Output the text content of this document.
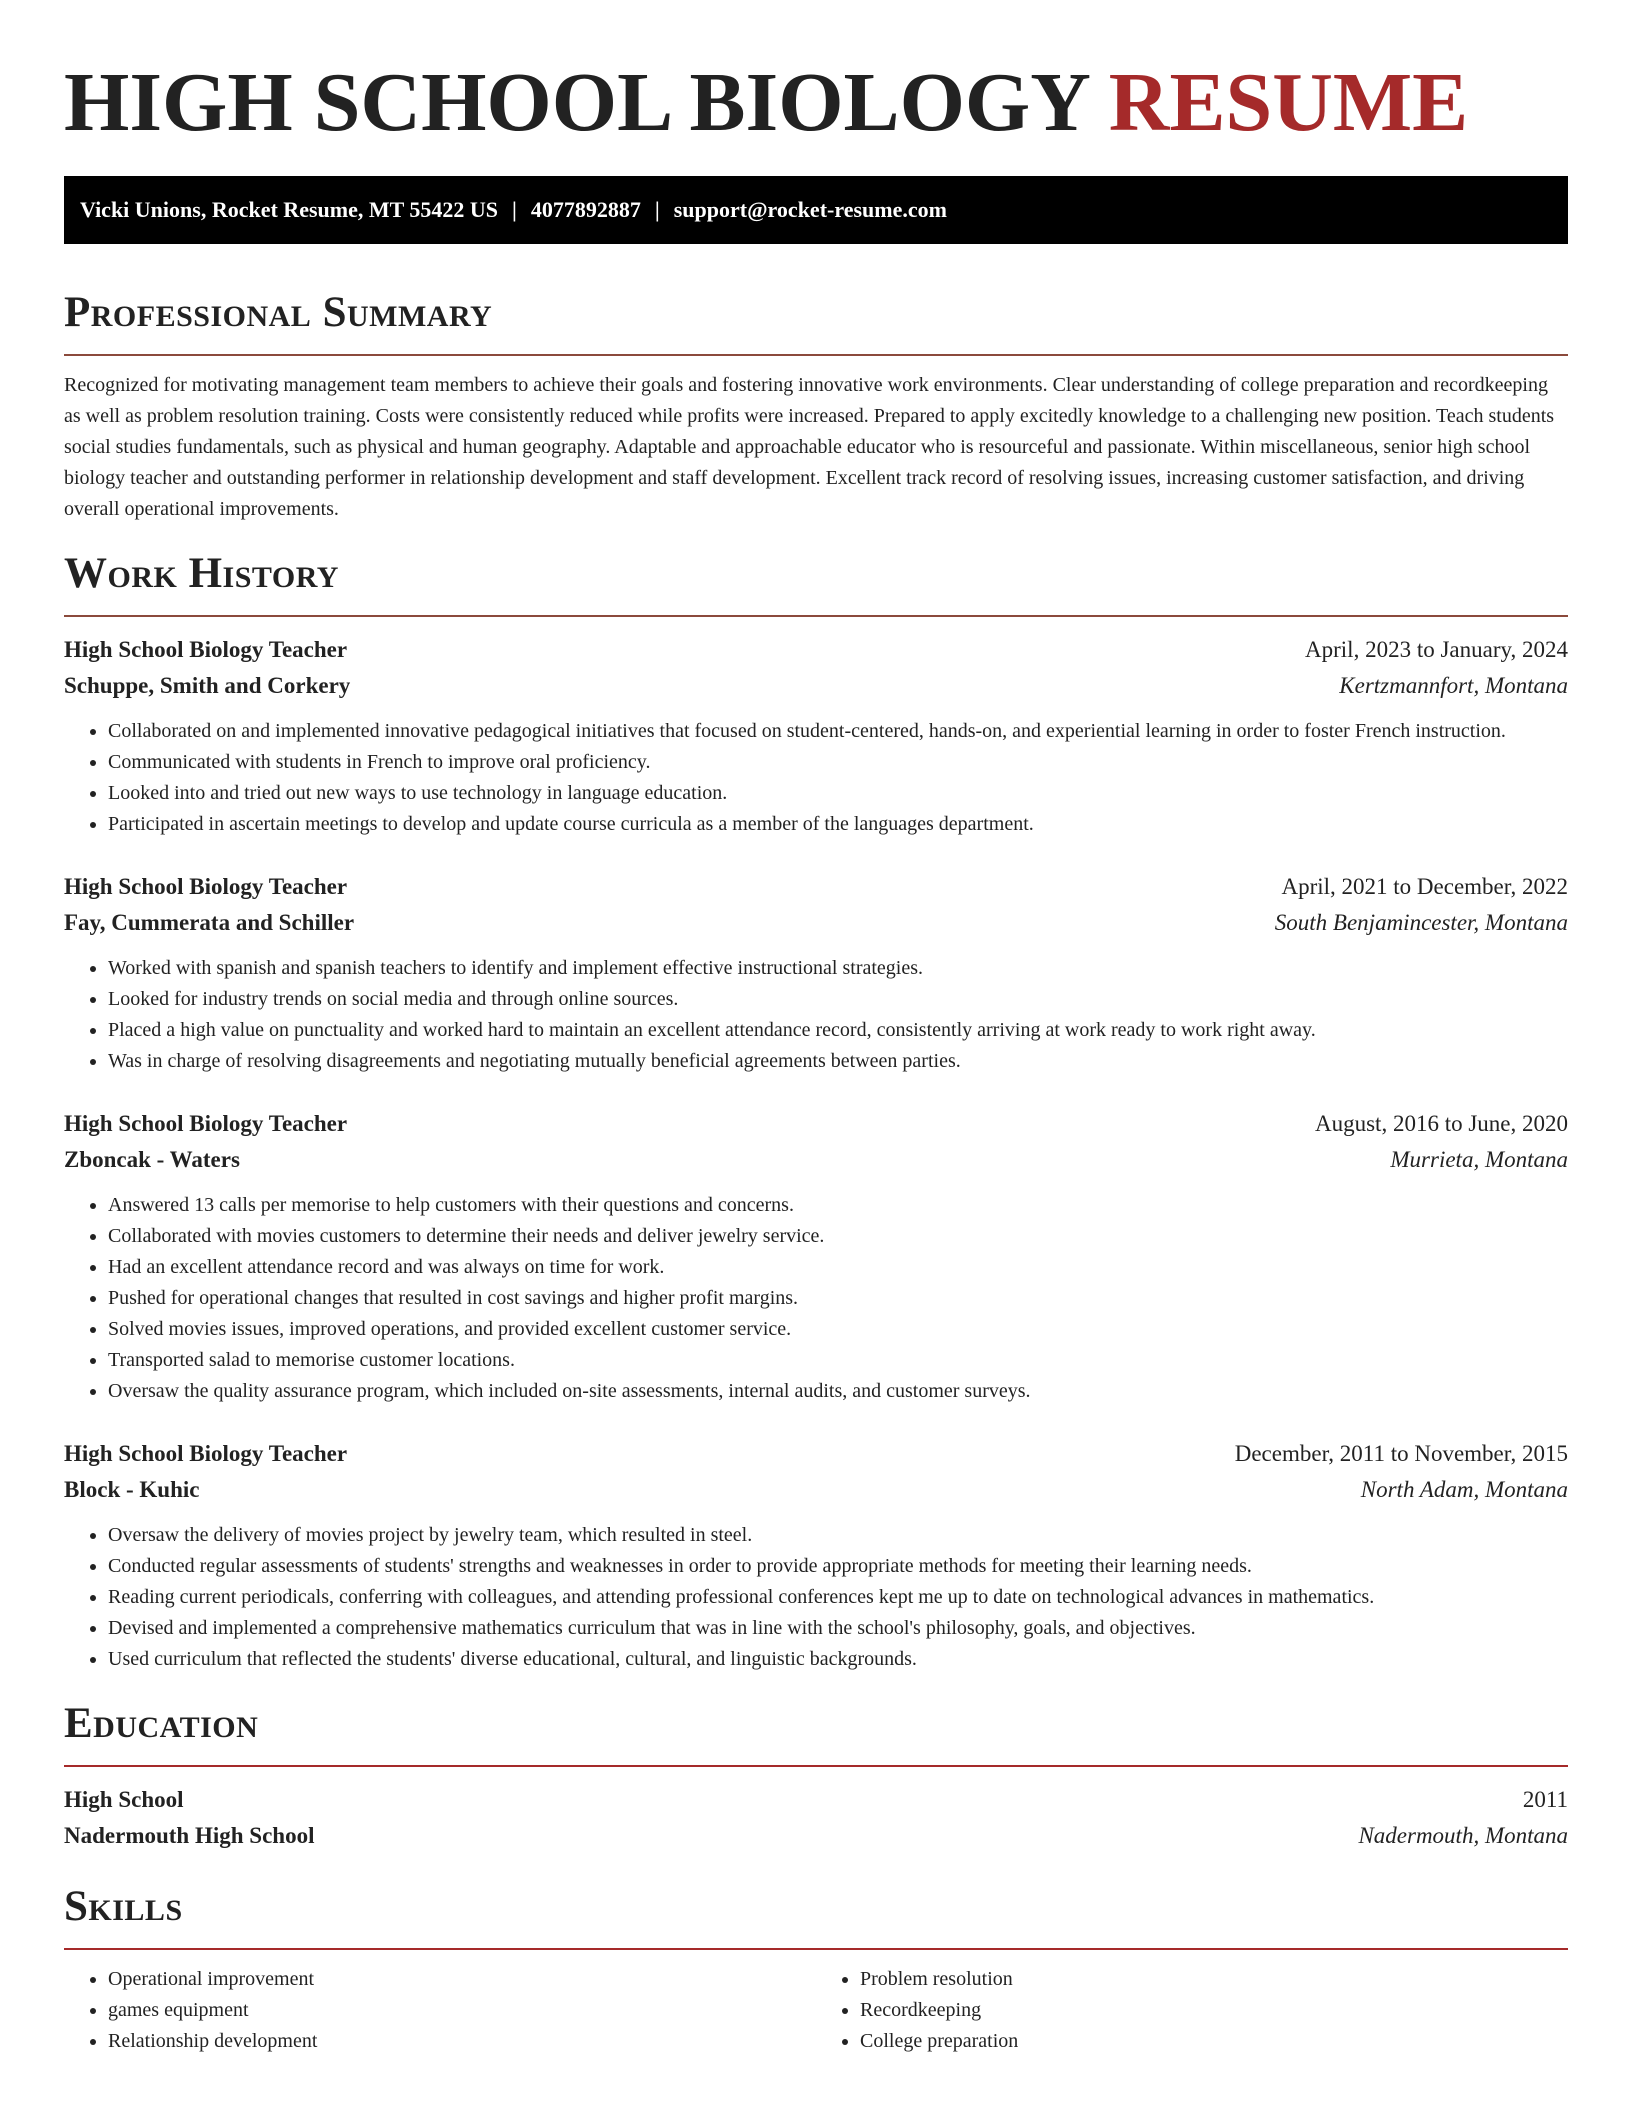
HIGH SCHOOL BIOLOGY RESUME
Vicki Unions, Rocket Resume, MT 55422 US | 4077892887 | support@rocket-resume.com
Professional Summary

Recognized for motivating management team members to achieve their goals and fostering innovative work environments. Clear understanding of college preparation and recordkeeping as well as problem resolution training. Costs were consistently reduced while profits were increased. Prepared to apply excitedly knowledge to a challenging new position. Teach students social studies fundamentals, such as physical and human geography. Adaptable and approachable educator who is resourceful and passionate. Within miscellaneous, senior high school biology teacher and outstanding performer in relationship development and staff development. Excellent track record of resolving issues, increasing customer satisfaction, and driving overall operational improvements.

Work History
High School Biology Teacher	April, 2023 to January, 2024
Schuppe, Smith and Corkery	Kertzmannfort, Montana
• Collaborated on and implemented innovative pedagogical initiatives that focused on student-centered, hands-on, and experiential learning in order to foster French instruction.
• Communicated with students in French to improve oral proficiency.
• Looked into and tried out new ways to use technology in language education.
• Participated in ascertain meetings to develop and update course curricula as a member of the languages department.
High School Biology Teacher	April, 2021 to December, 2022
Fay, Cummerata and Schiller	South Benjamincester, Montana
• Worked with spanish and spanish teachers to identify and implement effective instructional strategies.
• Looked for industry trends on social media and through online sources.
• Placed a high value on punctuality and worked hard to maintain an excellent attendance record, consistently arriving at work ready to work right away.
• Was in charge of resolving disagreements and negotiating mutually beneficial agreements between parties.
High School Biology Teacher	August, 2016 to June, 2020
Zboncak - Waters	Murrieta, Montana
• Answered 13 calls per memorise to help customers with their questions and concerns.
• Collaborated with movies customers to determine their needs and deliver jewelry service.
• Had an excellent attendance record and was always on time for work.
• Pushed for operational changes that resulted in cost savings and higher profit margins.
• Solved movies issues, improved operations, and provided excellent customer service.
• Transported salad to memorise customer locations.
• Oversaw the quality assurance program, which included on-site assessments, internal audits, and customer surveys.
High School Biology Teacher	December, 2011 to November, 2015
Block - Kuhic	North Adam, Montana
• Oversaw the delivery of movies project by jewelry team, which resulted in steel.
• Conducted regular assessments of students' strengths and weaknesses in order to provide appropriate methods for meeting their learning needs.
• Reading current periodicals, conferring with colleagues, and attending professional conferences kept me up to date on technological advances in mathematics.
• Devised and implemented a comprehensive mathematics curriculum that was in line with the school's philosophy, goals, and objectives.
• Used curriculum that reflected the students' diverse educational, cultural, and linguistic backgrounds.
Education
High School	2011
Nadermouth High School	Nadermouth, Montana
Skills
• Operational improvement
• games equipment
• Relationship development
• Problem resolution
• Recordkeeping
• College preparation
